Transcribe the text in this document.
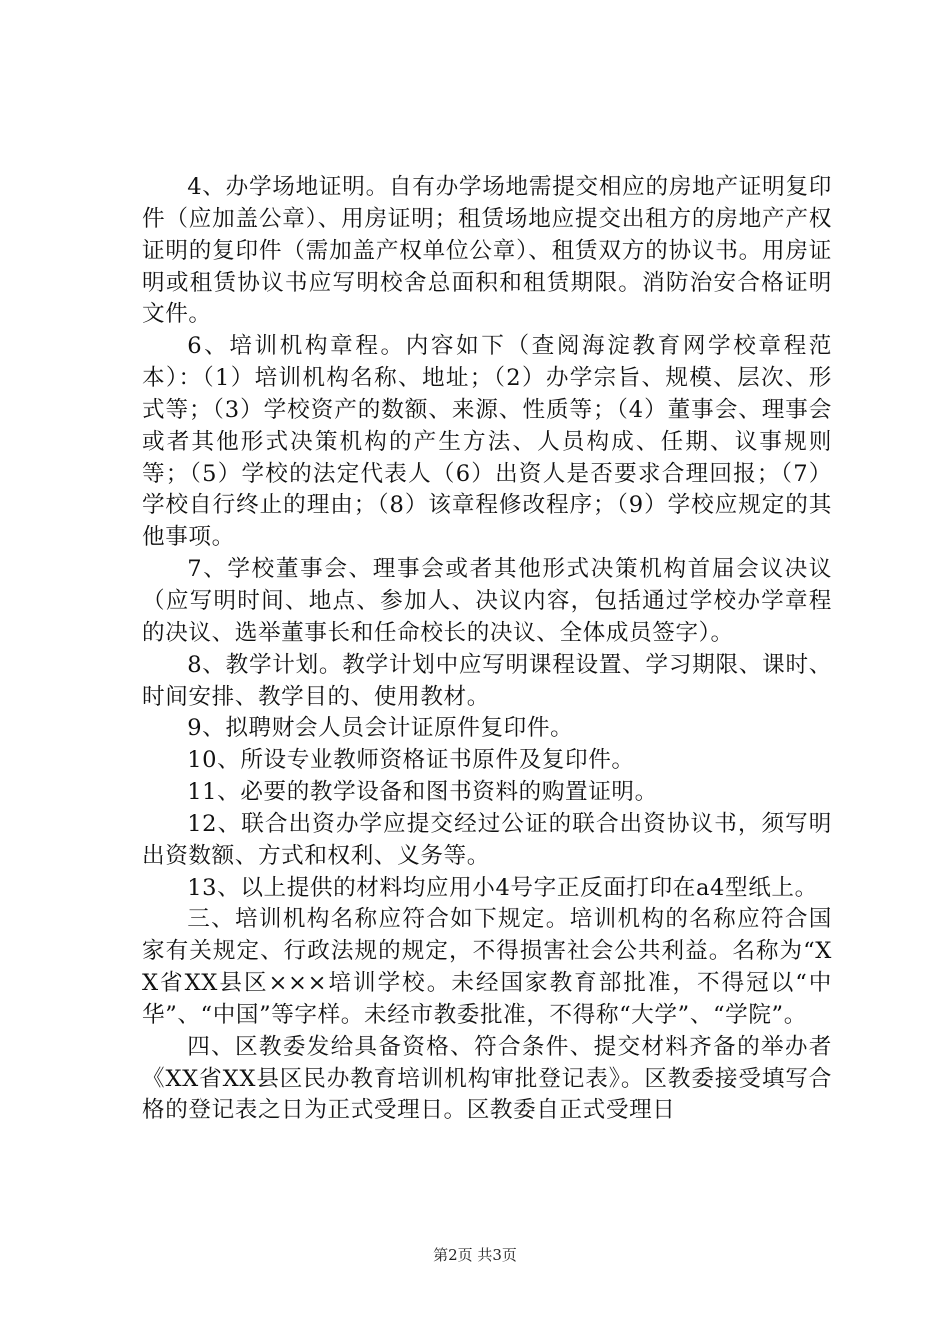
4、办学场地证明。自有办学场地需提交相应的房地产证明复印件（应加盖公章）、用房证明；租赁场地应提交出租方的房地产产权证明的复印件（需加盖产权单位公章）、租赁双方的协议书。用房证明或租赁协议书应写明校舍总面积和租赁期限。消防治安合格证明文件。

6、培训机构章程。内容如下（查阅海淀教育网学校章程范本）：（1）培训机构名称、地址；（2）办学宗旨、规模、层次、形式等；（3）学校资产的数额、来源、性质等；（4）董事会、理事会或者其他形式决策机构的产生方法、人员构成、任期、议事规则等；（5）学校的法定代表人（6）出资人是否要求合理回报；（7）学校自行终止的理由；（8）该章程修改程序；（9）学校应规定的其他事项。

7、学校董事会、理事会或者其他形式决策机构首届会议决议（应写明时间、地点、参加人、决议内容，包括通过学校办学章程的决议、选举董事长和任命校长的决议、全体成员签字）。

8、教学计划。教学计划中应写明课程设置、学习期限、课时、时间安排、教学目的、使用教材。

9、拟聘财会人员会计证原件复印件。

10、所设专业教师资格证书原件及复印件。

11、必要的教学设备和图书资料的购置证明。

12、联合出资办学应提交经过公证的联合出资协议书，须写明出资数额、方式和权利、义务等。

13、以上提供的材料均应用小4号字正反面打印在a4型纸上。

三、培训机构名称应符合如下规定。培训机构的名称应符合国家有关规定、行政法规的规定，不得损害社会公共利益。名称为“XX省XX县区×××培训学校。未经国家教育部批准，不得冠以“中华”、“中国”等字样。未经市教委批准，不得称“大学”、“学院”。

四、区教委发给具备资格、符合条件、提交材料齐备的举办者《XX省XX县区民办教育培训机构审批登记表》。区教委接受填写合格的登记表之日为正式受理日。区教委自正式受理日

第2页 共3页
